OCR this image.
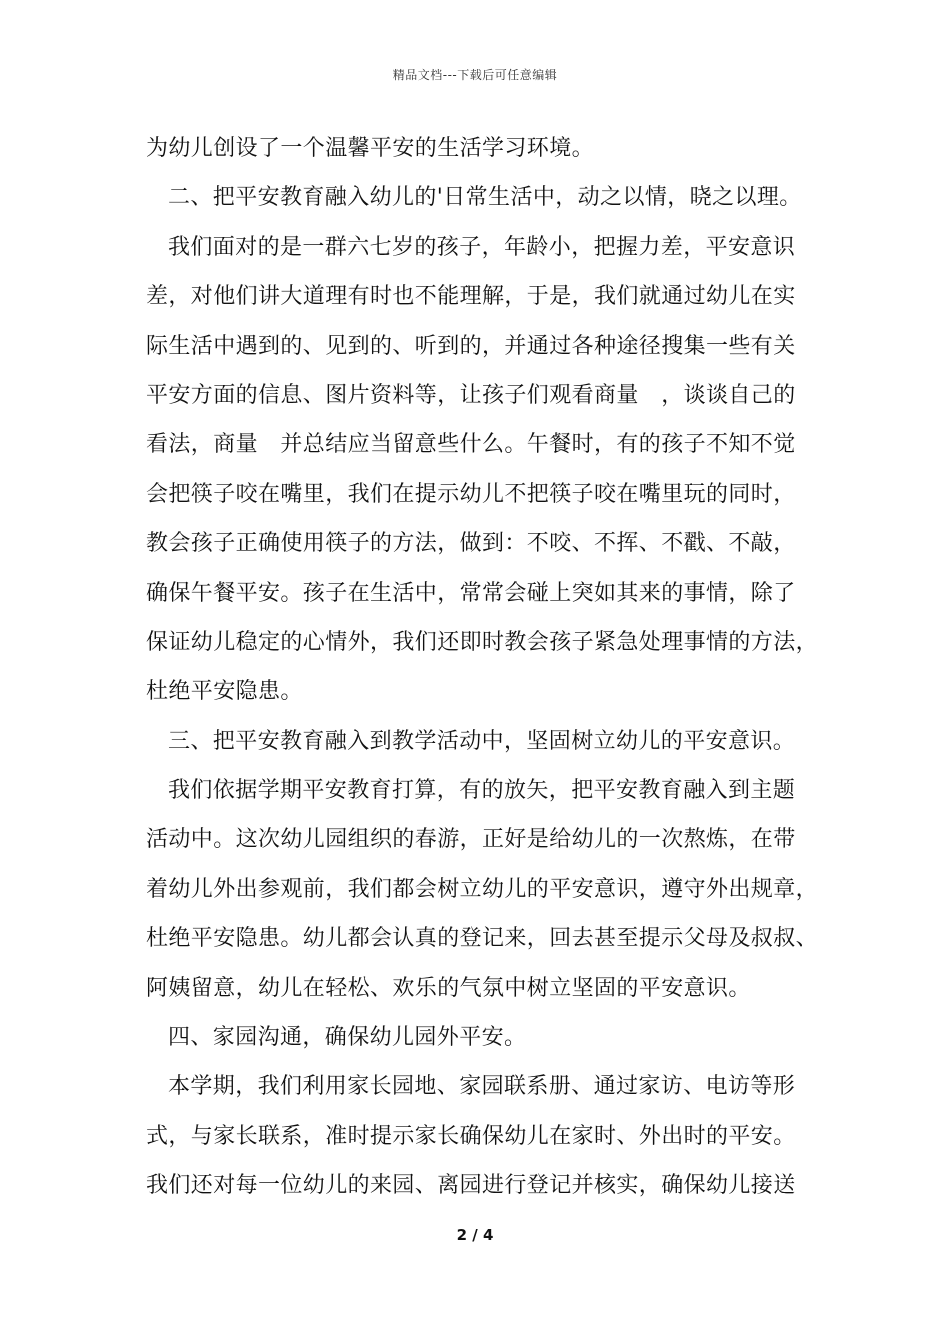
精品文档---下载后可任意编辑
为幼儿创设了一个温馨平安的生活学习环境。
二、把平安教育融入幼儿的'日常生活中，动之以情，晓之以理。
我们面对的是一群六七岁的孩子，年龄小，把握力差，平安意识
差，对他们讲大道理有时也不能理解，于是，我们就通过幼儿在实
际生活中遇到的、见到的、听到的，并通过各种途径搜集一些有关
平安方面的信息、图片资料等，让孩子们观看商量　，谈谈自己的
看法，商量　并总结应当留意些什么。午餐时，有的孩子不知不觉
会把筷子咬在嘴里，我们在提示幼儿不把筷子咬在嘴里玩的同时，
教会孩子正确使用筷子的方法，做到：不咬、不挥、不戳、不敲，
确保午餐平安。孩子在生活中，常常会碰上突如其来的事情，除了
保证幼儿稳定的心情外，我们还即时教会孩子紧急处理事情的方法，
杜绝平安隐患。
三、把平安教育融入到教学活动中，坚固树立幼儿的平安意识。
我们依据学期平安教育打算，有的放矢，把平安教育融入到主题
活动中。这次幼儿园组织的春游，正好是给幼儿的一次熬炼，在带
着幼儿外出参观前，我们都会树立幼儿的平安意识，遵守外出规章，
杜绝平安隐患。幼儿都会认真的登记来，回去甚至提示父母及叔叔、
阿姨留意，幼儿在轻松、欢乐的气氛中树立坚固的平安意识。
四、家园沟通，确保幼儿园外平安。
本学期，我们利用家长园地、家园联系册、通过家访、电访等形
式，与家长联系，准时提示家长确保幼儿在家时、外出时的平安。
我们还对每一位幼儿的来园、离园进行登记并核实，确保幼儿接送
2 / 4
